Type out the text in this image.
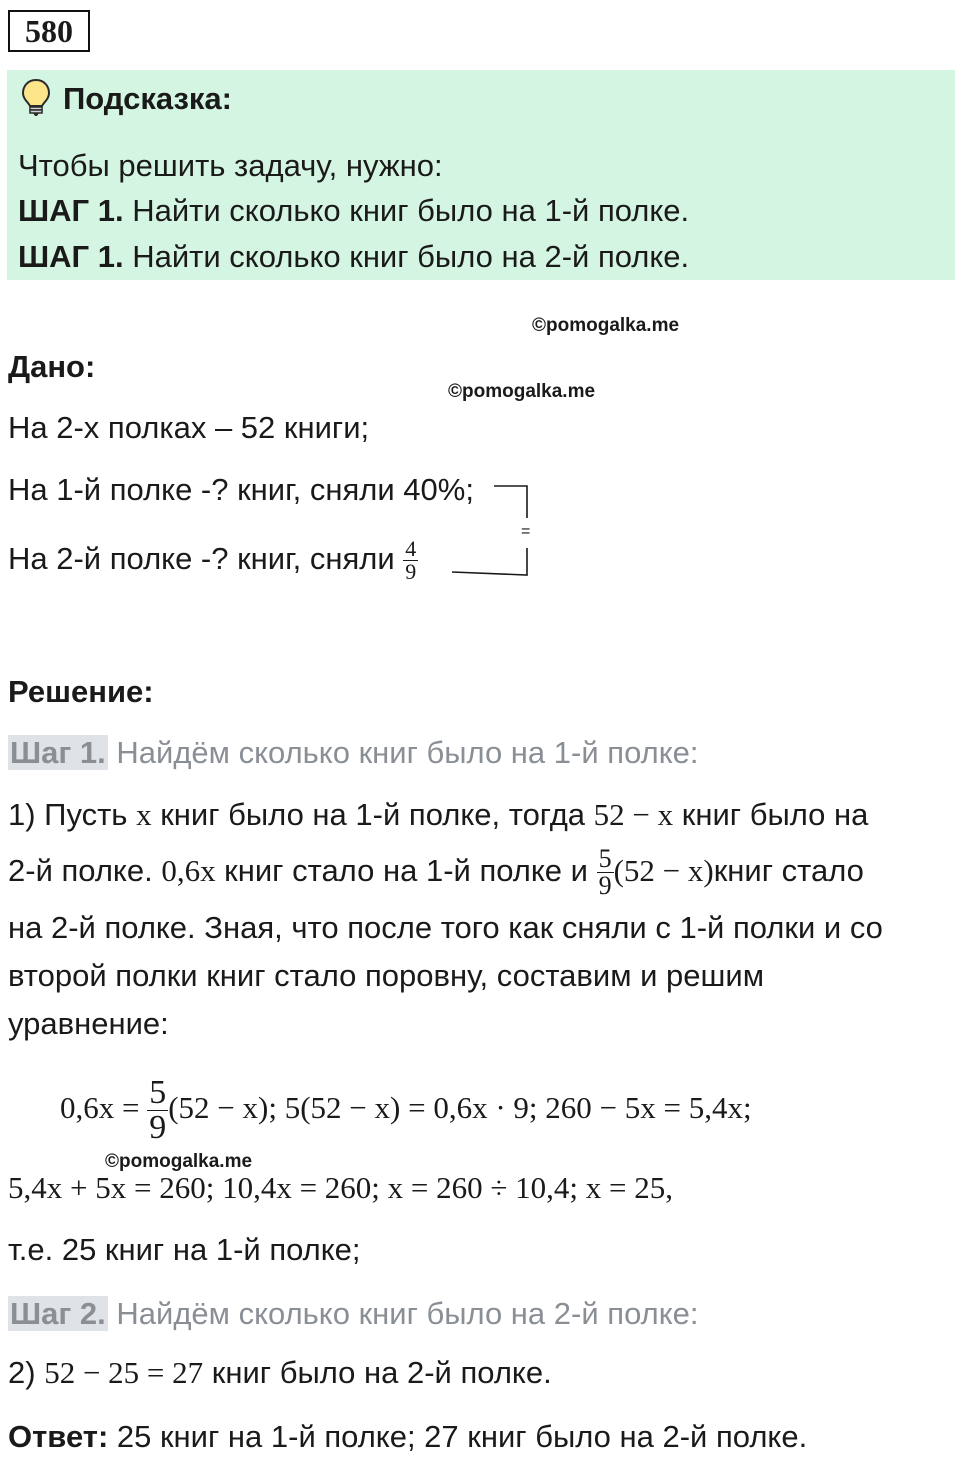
580
Подсказка:
Чтобы решить задачу, нужно:
ШАГ 1. Найти сколько книг было на 1-й полке.
ШАГ 1. Найти сколько книг было на 2-й полке.
©pomogalka.me
©pomogalka.me
Дано:
На 2-х полках – 52 книги;
На 1-й полке -? книг, сняли 40%;
На 2-й полке -? книг, сняли $\frac{4}{9}$
=
Решение:
Шаг 1. Найдём сколько книг было на 1-й полке:
1) Пусть x книг было на 1-й полке, тогда 52 − x книг было на
2-й полке. 0,6x книг стало на 1-й полке и $\frac{5}{9} (52$ − x)книг стало
на 2-й полке. Зная, что после того как сняли с 1-й полки и со
второй полки книг стало поровну, составим и решим
уравнение:
$0,6x = \frac{5}{9} (52 - x)$; 5(52 − x) = 0,6x · 9; 260 − 5x = 5,4x;
©pomogalka.me
5,4x + 5x = 260; 10,4x = 260; x = 260 ÷ 10,4; x = 25,
т.е. 25 книг на 1-й полке;
Шаг 2. Найдём сколько книг было на 2-й полке:
2) 52 − 25 = 27 книг было на 2-й полке.
Ответ: 25 книг на 1-й полке; 27 книг было на 2-й полке.
